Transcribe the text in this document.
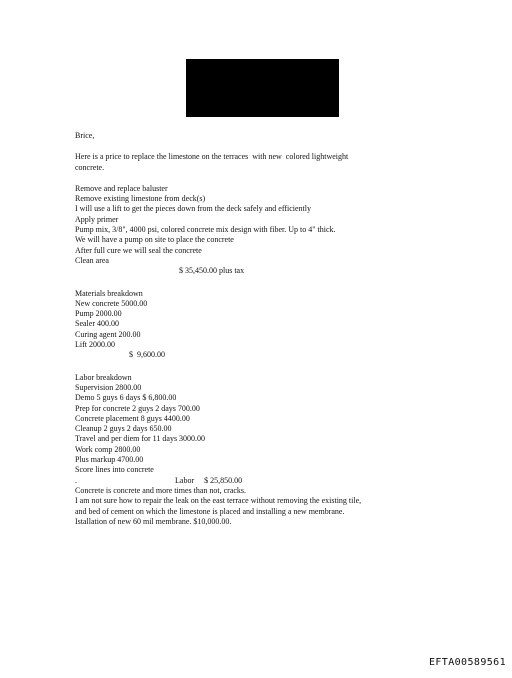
Brice,
Here is a price to replace the limestone on the terraces  with new  colored lightweight
concrete.
Remove and replace baluster
Remove existing limestone from deck(s)
I will use a lift to get the pieces down from the deck safely and efficiently
Apply primer
Pump mix, 3/8", 4000 psi, colored concrete mix design with fiber. Up to 4" thick.
We will have a pump on site to place the concrete
After full cure we will seal the concrete
Clean area
$ 35,450.00 plus tax
Materials breakdown
New concrete 5000.00
Pump 2000.00
Sealer 400.00
Curing agent 200.00
Lift 2000.00
$  9,600.00
Labor breakdown
Supervision 2800.00
Demo 5 guys 6 days $ 6,800.00
Prep for concrete 2 guys 2 days 700.00
Concrete placement 8 guys 4400.00
Cleanup 2 guys 2 days 650.00
Travel and per diem for 11 days 3000.00
Work comp 2800.00
Plus markup 4700.00
Score lines into concrete
.	Labor $ 25,850.00
Concrete is concrete and more times than not, cracks.
I am not sure how to repair the leak on the east terrace without removing the existing tile,
and bed of cement on which the limestone is placed and installing a new membrane.
Istallation of new 60 mil membrane. $10,000.00.
EFTA00589561
